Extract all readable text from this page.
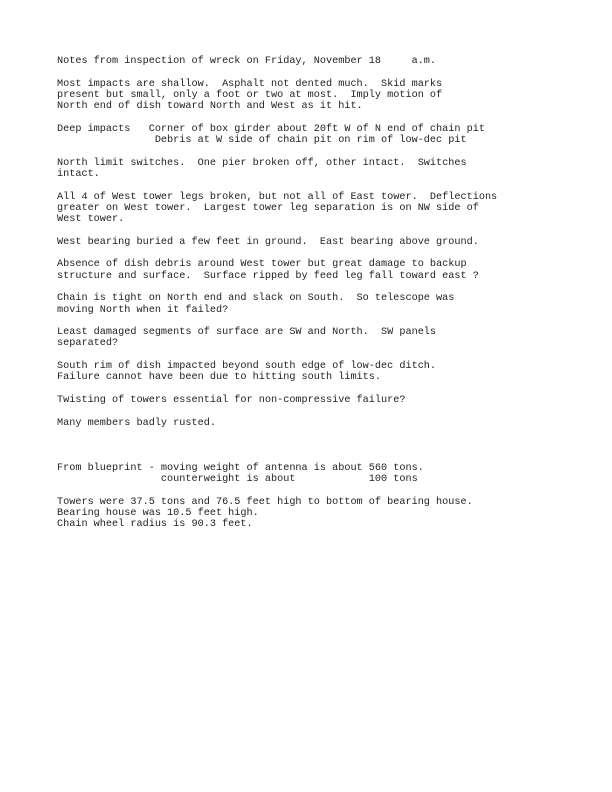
Notes from inspection of wreck on Friday, November 18     a.m.
Most impacts are shallow.  Asphalt not dented much.  Skid marks
present but small, only a foot or two at most.  Imply motion of
North end of dish toward North and West as it hit.
Deep impacts   Corner of box girder about 20ft W of N end of chain pit
Debris at W side of chain pit on rim of low-dec pit
North limit switches.  One pier broken off, other intact.  Switches
intact.
All 4 of West tower legs broken, but not all of East tower.  Deflections
greater on West tower.  Largest tower leg separation is on NW side of
West tower.
West bearing buried a few feet in ground.  East bearing above ground.
Absence of dish debris around West tower but great damage to backup
structure and surface.  Surface ripped by feed leg fall toward east ?
Chain is tight on North end and slack on South.  So telescope was
moving North when it failed?
Least damaged segments of surface are SW and North.  SW panels
separated?
South rim of dish impacted beyond south edge of low-dec ditch.
Failure cannot have been due to hitting south limits.
Twisting of towers essential for non-compressive failure?
Many members badly rusted.

From blueprint - moving weight of antenna is about 560 tons.
counterweight is about            100 tons
Towers were 37.5 tons and 76.5 feet high to bottom of bearing house.
Bearing house was 10.5 feet high.
Chain wheel radius is 90.3 feet.
